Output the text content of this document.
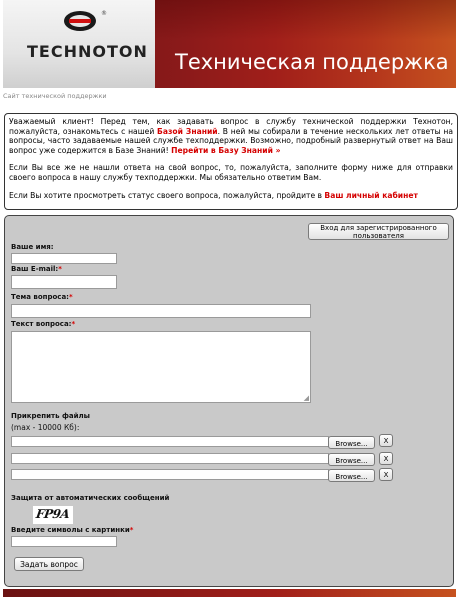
®
TECHNOTON Техническая поддержка
Сайт технической поддержки

Уважаемый клиент! Перед тем, как задавать вопрос в службу технической поддержки Технотон, пожалуйста, ознакомьтесь с нашей Базой Знаний. В ней мы собирали в течение нескольких лет ответы на вопросы, часто задаваемые нашей службе техподдержки. Возможно, подробный развернутый ответ на Ваш вопрос уже содержится в Базе Знаний! Перейти в Базу Знаний »

Если Вы все же не нашли ответа на свой вопрос, то, пожалуйста, заполните форму ниже для отправки своего вопроса в нашу службу техподдержки. Мы обязательно ответим Вам.

Если Вы хотите просмотреть статус своего вопроса, пожалуйста, пройдите в Ваш личный кабинет

Вход для зарегистрированного пользователя
Ваше имя:
Ваш E-mail:*
Тема вопроса:*
Текст вопроса:*
◢
Прикрепить файлы
(max - 10000 Кб):
Browse...	X
Browse...	X
Browse...	X
Защита от автоматических сообщений
FP9A
Введите символы с картинки*
Задать вопрос
